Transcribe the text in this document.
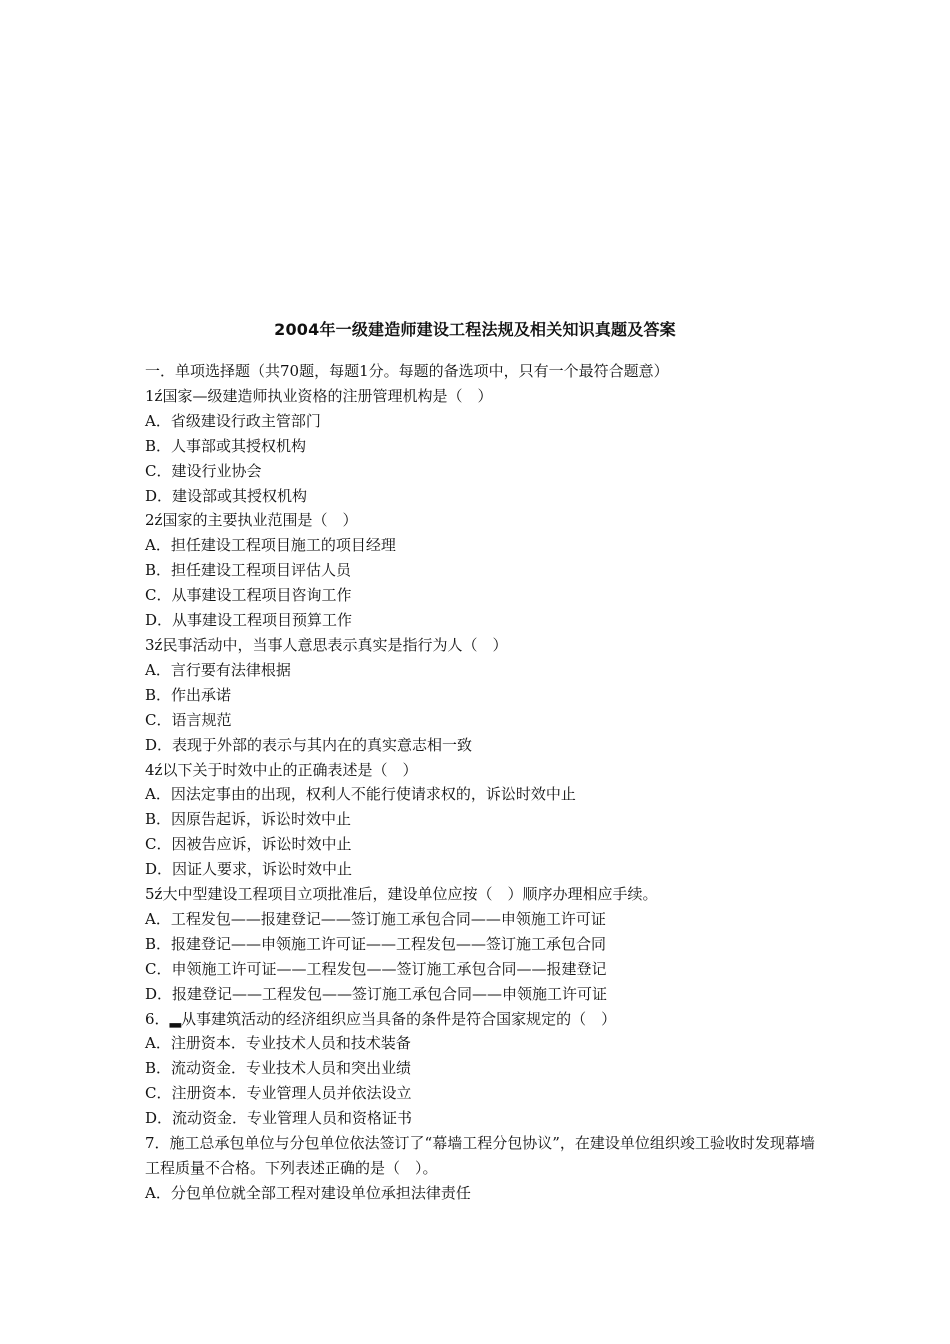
2004年一级建造师建设工程法规及相关知识真题及答案

一．单项选择题（共70题，每题1分。每题的备选项中，只有一个最符合题意）

1ź国家—级建造师执业资格的注册管理机构是（　）

A．省级建设行政主管部门

B．人事部或其授权机构

C．建设行业协会

D．建设部或其授权机构

2ź国家的主要执业范围是（　）

A．担任建设工程项目施工的项目经理

B．担任建设工程项目评估人员

C．从事建设工程项目咨询工作

D．从事建设工程项目预算工作

3ź民事活动中，当事人意思表示真实是指行为人（　）

A．言行要有法律根据

B．作出承诺

C．语言规范

D．表现于外部的表示与其内在的真实意志相一致

4ź以下关于时效中止的正确表述是（　）

A．因法定事由的出现，权利人不能行使请求权的，诉讼时效中止

B．因原告起诉，诉讼时效中止

C．因被告应诉，诉讼时效中止

D．因证人要求，诉讼时效中止

5ź大中型建设工程项目立项批准后，建设单位应按（　）顺序办理相应手续。

A．工程发包——报建登记——签订施工承包合同——申领施工许可证

B．报建登记——申领施工许可证——工程发包——签订施工承包合同

C．申领施工许可证——工程发包——签订施工承包合同——报建登记

D．报建登记——工程发包——签订施工承包合同——申领施工许可证

6．▂从事建筑活动的经济组织应当具备的条件是符合国家规定的（　）

A．注册资本．专业技术人员和技术装备

B．流动资金．专业技术人员和突出业绩

C．注册资本．专业管理人员并依法设立

D．流动资金．专业管理人员和资格证书

7．施工总承包单位与分包单位依法签订了“幕墙工程分包协议”，在建设单位组织竣工验收时发现幕墙工程质量不合格。下列表述正确的是（　）。

A．分包单位就全部工程对建设单位承担法律责任
